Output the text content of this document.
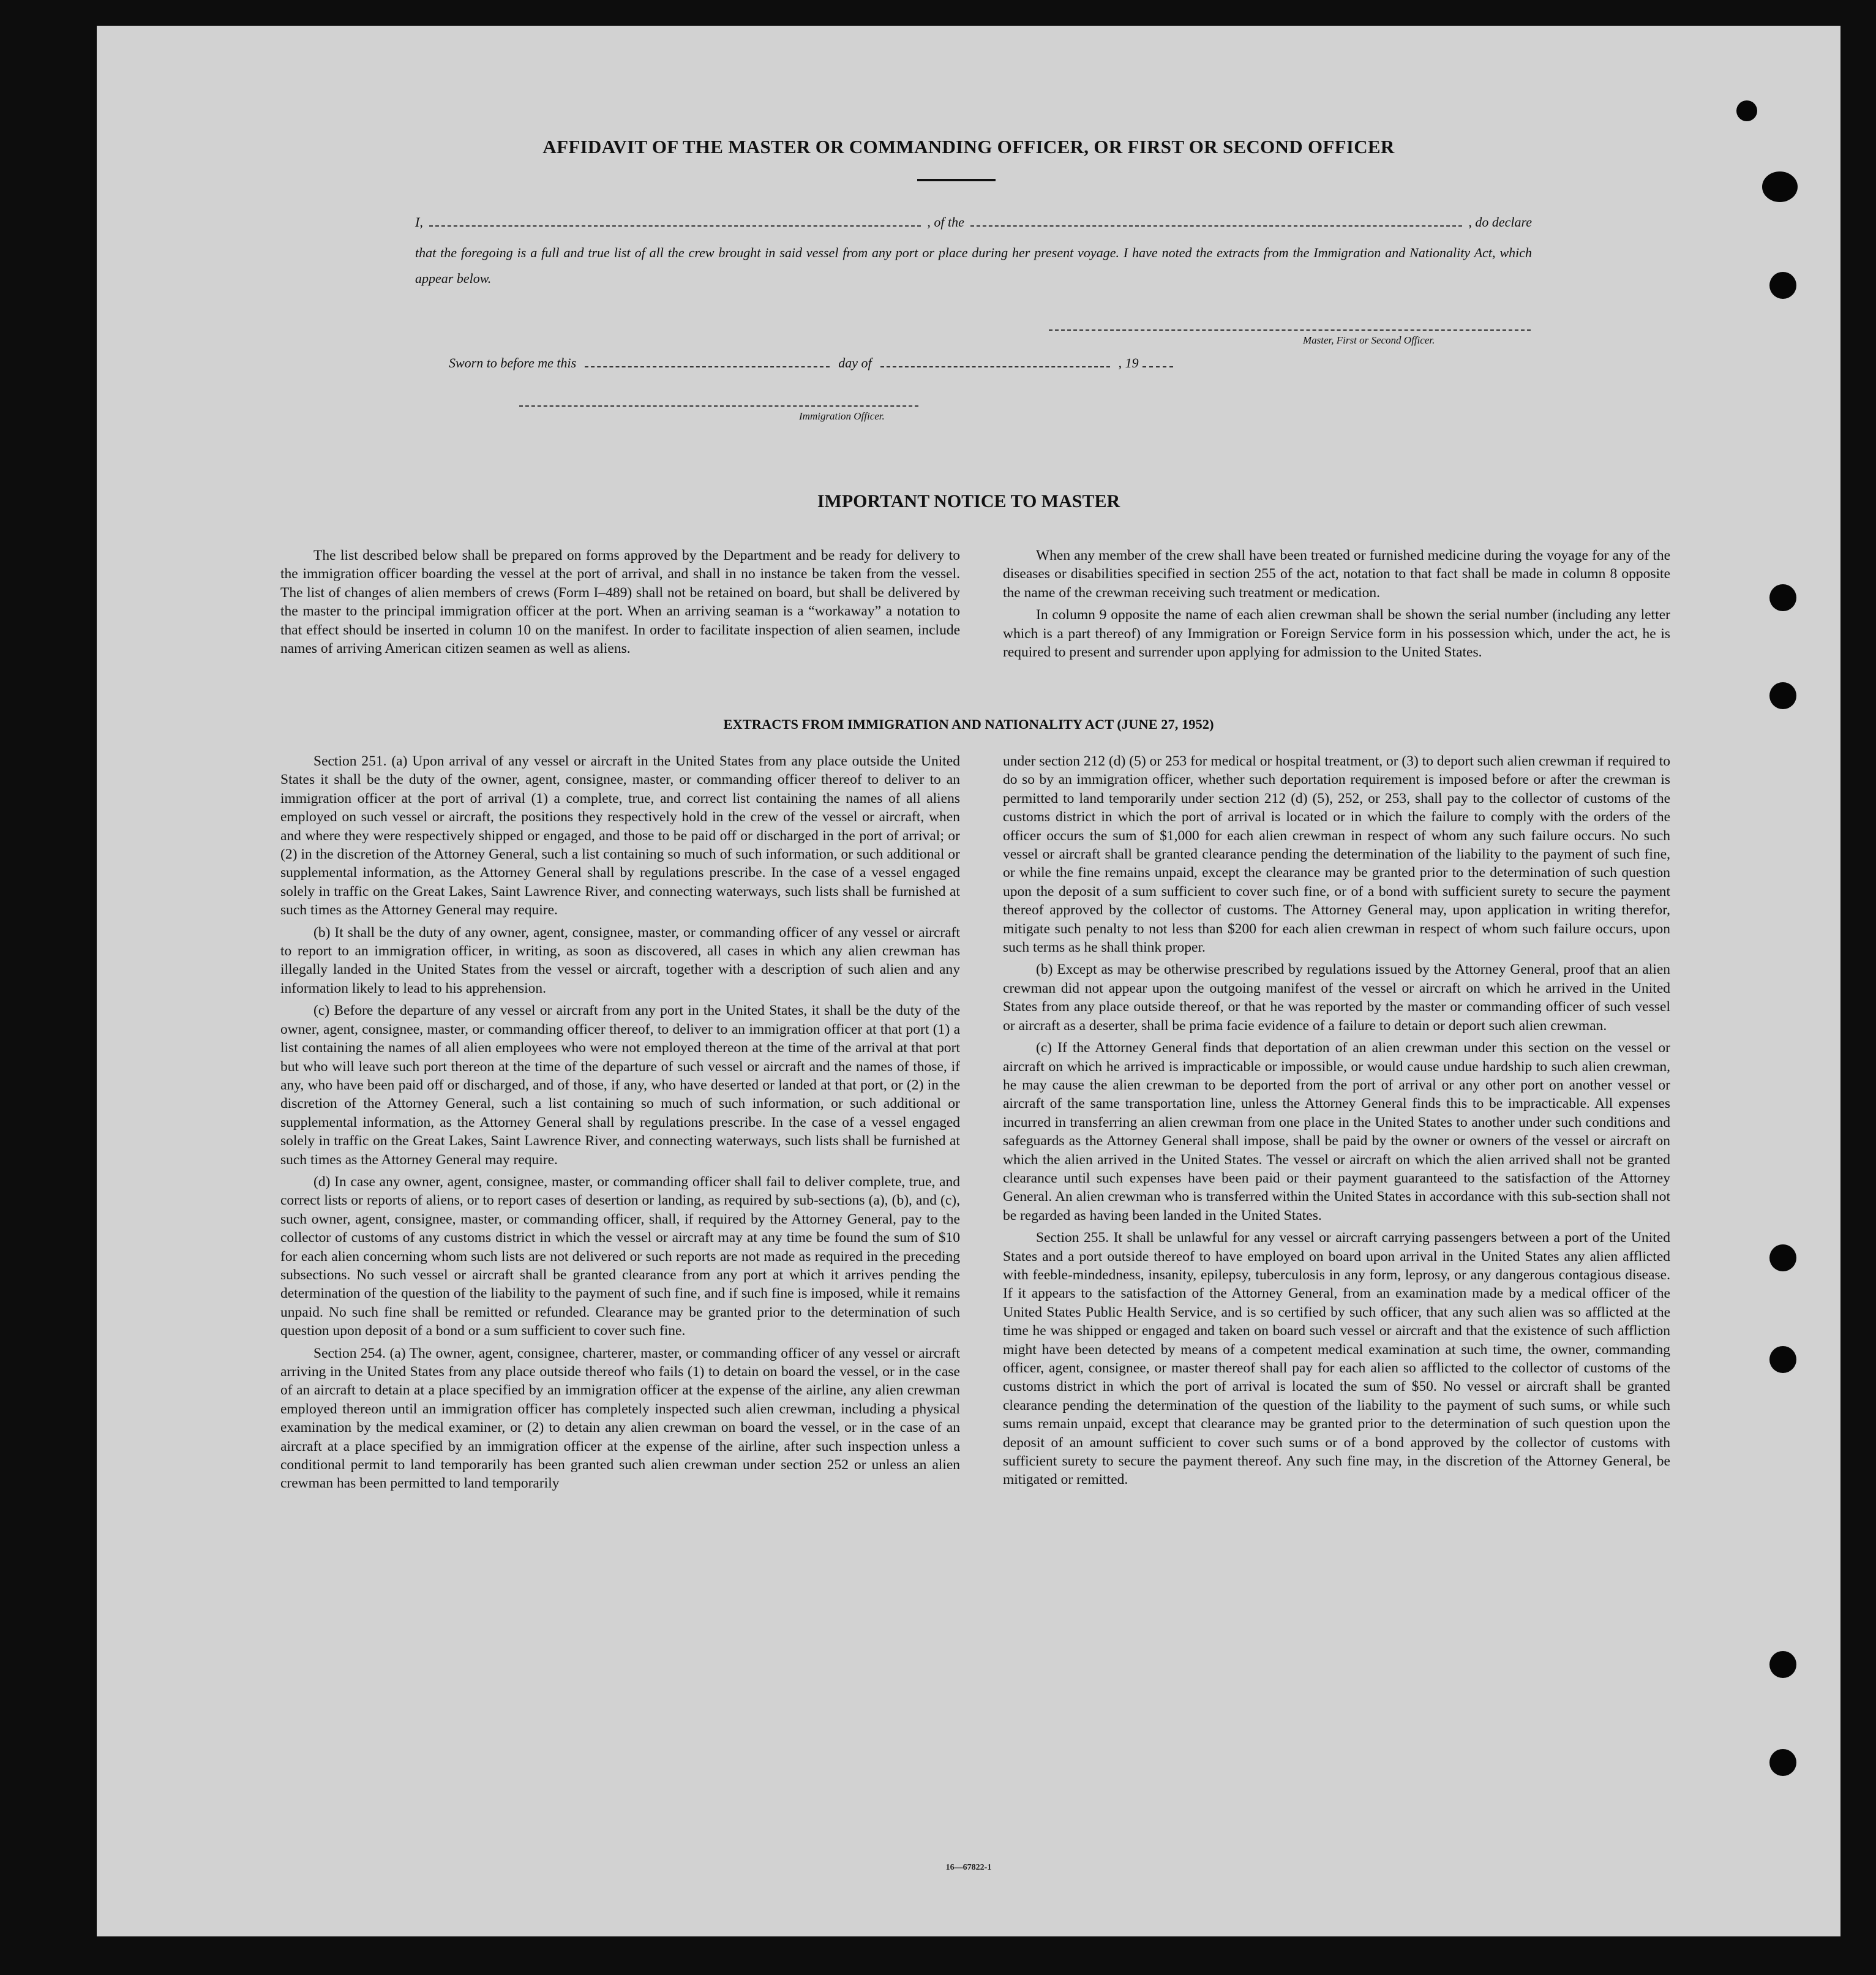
AFFIDAVIT OF THE MASTER OR COMMANDING OFFICER, OR FIRST OR SECOND OFFICER
I,	, of the	, do declare
that the foregoing is a full and true list of all the crew brought in said vessel from any port or place during her present voyage. I have noted the extracts from the Immigration and Nationality Act, which appear below.
Master, First or Second Officer.
Sworn to before me this	day of	, 19
Immigration Officer.
IMPORTANT NOTICE TO MASTER

The list described below shall be prepared on forms approved by the Department and be ready for delivery to the immigration officer boarding the vessel at the port of arrival, and shall in no instance be taken from the vessel. The list of changes of alien members of crews (Form I–489) shall not be retained on board, but shall be delivered by the master to the principal immigration officer at the port. When an arriving seaman is a “workaway” a notation to that effect should be inserted in column 10 on the manifest. In order to facilitate inspection of alien seamen, include names of arriving American citizen seamen as well as aliens.

When any member of the crew shall have been treated or furnished medicine during the voyage for any of the diseases or disabilities specified in section 255 of the act, notation to that fact shall be made in column 8 opposite the name of the crewman receiving such treatment or medication.

In column 9 opposite the name of each alien crewman shall be shown the serial number (including any letter which is a part thereof) of any Immigration or Foreign Service form in his possession which, under the act, he is required to present and surrender upon applying for admission to the United States.

EXTRACTS FROM IMMIGRATION AND NATIONALITY ACT (JUNE 27, 1952)

Section 251. (a) Upon arrival of any vessel or aircraft in the United States from any place outside the United States it shall be the duty of the owner, agent, consignee, master, or commanding officer thereof to deliver to an immigration officer at the port of arrival (1) a complete, true, and correct list containing the names of all aliens employed on such vessel or aircraft, the positions they respectively hold in the crew of the vessel or aircraft, when and where they were respectively shipped or engaged, and those to be paid off or discharged in the port of arrival; or (2) in the discretion of the Attorney General, such a list containing so much of such information, or such additional or supplemental information, as the Attorney General shall by regulations prescribe. In the case of a vessel engaged solely in traffic on the Great Lakes, Saint Lawrence River, and connecting waterways, such lists shall be furnished at such times as the Attorney General may require.

(b) It shall be the duty of any owner, agent, consignee, master, or commanding officer of any vessel or aircraft to report to an immigration officer, in writing, as soon as discovered, all cases in which any alien crewman has illegally landed in the United States from the vessel or aircraft, together with a description of such alien and any information likely to lead to his apprehension.

(c) Before the departure of any vessel or aircraft from any port in the United States, it shall be the duty of the owner, agent, consignee, master, or commanding officer thereof, to deliver to an immigration officer at that port (1) a list containing the names of all alien employees who were not employed thereon at the time of the arrival at that port but who will leave such port thereon at the time of the departure of such vessel or aircraft and the names of those, if any, who have been paid off or discharged, and of those, if any, who have deserted or landed at that port, or (2) in the discretion of the Attorney General, such a list containing so much of such information, or such additional or supplemental information, as the Attorney General shall by regulations prescribe. In the case of a vessel engaged solely in traffic on the Great Lakes, Saint Lawrence River, and connecting waterways, such lists shall be furnished at such times as the Attorney General may require.

(d) In case any owner, agent, consignee, master, or commanding officer shall fail to deliver complete, true, and correct lists or reports of aliens, or to report cases of desertion or landing, as required by sub-sections (a), (b), and (c), such owner, agent, consignee, master, or commanding officer, shall, if required by the Attorney General, pay to the collector of customs of any customs district in which the vessel or aircraft may at any time be found the sum of $10 for each alien concerning whom such lists are not delivered or such reports are not made as required in the preceding subsections. No such vessel or aircraft shall be granted clearance from any port at which it arrives pending the determination of the question of the liability to the payment of such fine, and if such fine is imposed, while it remains unpaid. No such fine shall be remitted or refunded. Clearance may be granted prior to the determination of such question upon deposit of a bond or a sum sufficient to cover such fine.

Section 254. (a) The owner, agent, consignee, charterer, master, or commanding officer of any vessel or aircraft arriving in the United States from any place outside thereof who fails (1) to detain on board the vessel, or in the case of an aircraft to detain at a place specified by an immigration officer at the expense of the airline, any alien crewman employed thereon until an immigration officer has completely inspected such alien crewman, including a physical examination by the medical examiner, or (2) to detain any alien crewman on board the vessel, or in the case of an aircraft at a place specified by an immigration officer at the expense of the airline, after such inspection unless a conditional permit to land temporarily has been granted such alien crewman under section 252 or unless an alien crewman has been permitted to land temporarily

under section 212 (d) (5) or 253 for medical or hospital treatment, or (3) to deport such alien crewman if required to do so by an immigration officer, whether such deportation requirement is imposed before or after the crewman is permitted to land temporarily under section 212 (d) (5), 252, or 253, shall pay to the collector of customs of the customs district in which the port of arrival is located or in which the failure to comply with the orders of the officer occurs the sum of $1,000 for each alien crewman in respect of whom any such failure occurs. No such vessel or aircraft shall be granted clearance pending the determination of the liability to the payment of such fine, or while the fine remains unpaid, except the clearance may be granted prior to the determination of such question upon the deposit of a sum sufficient to cover such fine, or of a bond with sufficient surety to secure the payment thereof approved by the collector of customs. The Attorney General may, upon application in writing therefor, mitigate such penalty to not less than $200 for each alien crewman in respect of whom such failure occurs, upon such terms as he shall think proper.

(b) Except as may be otherwise prescribed by regulations issued by the Attorney General, proof that an alien crewman did not appear upon the outgoing manifest of the vessel or aircraft on which he arrived in the United States from any place outside thereof, or that he was reported by the master or commanding officer of such vessel or aircraft as a deserter, shall be prima facie evidence of a failure to detain or deport such alien crewman.

(c) If the Attorney General finds that deportation of an alien crewman under this section on the vessel or aircraft on which he arrived is impracticable or impossible, or would cause undue hardship to such alien crewman, he may cause the alien crewman to be deported from the port of arrival or any other port on another vessel or aircraft of the same transportation line, unless the Attorney General finds this to be impracticable. All expenses incurred in transferring an alien crewman from one place in the United States to another under such conditions and safeguards as the Attorney General shall impose, shall be paid by the owner or owners of the vessel or aircraft on which the alien arrived in the United States. The vessel or aircraft on which the alien arrived shall not be granted clearance until such expenses have been paid or their payment guaranteed to the satisfaction of the Attorney General. An alien crewman who is transferred within the United States in accordance with this sub-section shall not be regarded as having been landed in the United States.

Section 255. It shall be unlawful for any vessel or aircraft carrying passengers between a port of the United States and a port outside thereof to have employed on board upon arrival in the United States any alien afflicted with feeble-mindedness, insanity, epilepsy, tuberculosis in any form, leprosy, or any dangerous contagious disease. If it appears to the satisfaction of the Attorney General, from an examination made by a medical officer of the United States Public Health Service, and is so certified by such officer, that any such alien was so afflicted at the time he was shipped or engaged and taken on board such vessel or aircraft and that the existence of such affliction might have been detected by means of a competent medical examination at such time, the owner, commanding officer, agent, consignee, or master thereof shall pay for each alien so afflicted to the collector of customs of the customs district in which the port of arrival is located the sum of $50. No vessel or aircraft shall be granted clearance pending the determination of the question of the liability to the payment of such sums, or while such sums remain unpaid, except that clearance may be granted prior to the determination of such question upon the deposit of an amount sufficient to cover such sums or of a bond approved by the collector of customs with sufficient surety to secure the payment thereof. Any such fine may, in the discretion of the Attorney General, be mitigated or remitted.

16—67822-1
